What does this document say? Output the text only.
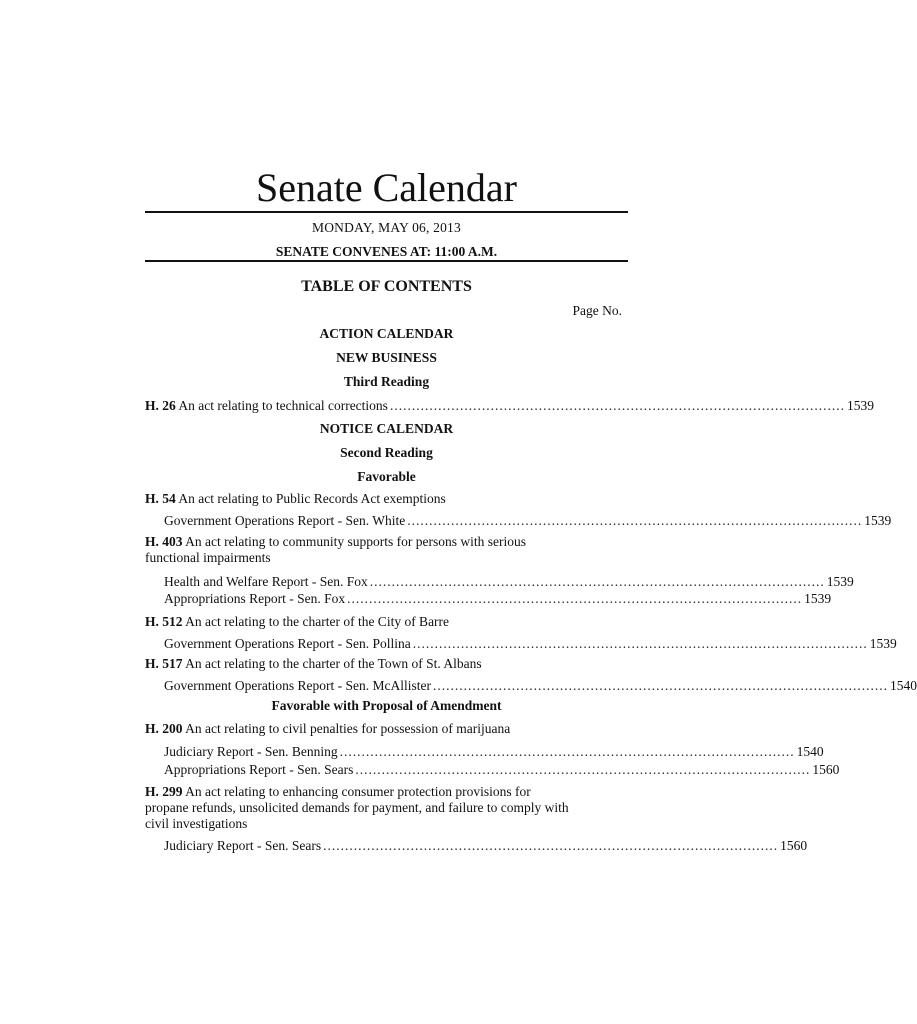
Senate Calendar
MONDAY, MAY 06, 2013
SENATE CONVENES AT: 11:00 A.M.
TABLE OF CONTENTS
Page No.
ACTION CALENDAR
NEW BUSINESS
Third Reading
H. 26 An act relating to technical corrections ........................................................................................................ 1539
NOTICE CALENDAR
Second Reading
Favorable
H. 54 An act relating to Public Records Act exemptions
Government Operations Report - Sen. White ........................................................................................................ 1539
H. 403 An act relating to community supports for persons with serious
functional impairments
Health and Welfare Report - Sen. Fox ........................................................................................................ 1539
Appropriations Report - Sen. Fox ........................................................................................................ 1539
H. 512 An act relating to the charter of the City of Barre
Government Operations Report - Sen. Pollina ........................................................................................................ 1539
H. 517 An act relating to the charter of the Town of St. Albans
Government Operations Report - Sen. McAllister ........................................................................................................ 1540
Favorable with Proposal of Amendment
H. 200 An act relating to civil penalties for possession of marijuana
Judiciary Report - Sen. Benning ........................................................................................................ 1540
Appropriations Report - Sen. Sears ........................................................................................................ 1560
H. 299 An act relating to enhancing consumer protection provisions for
propane refunds, unsolicited demands for payment, and failure to comply with
civil investigations
Judiciary Report - Sen. Sears ........................................................................................................ 1560
